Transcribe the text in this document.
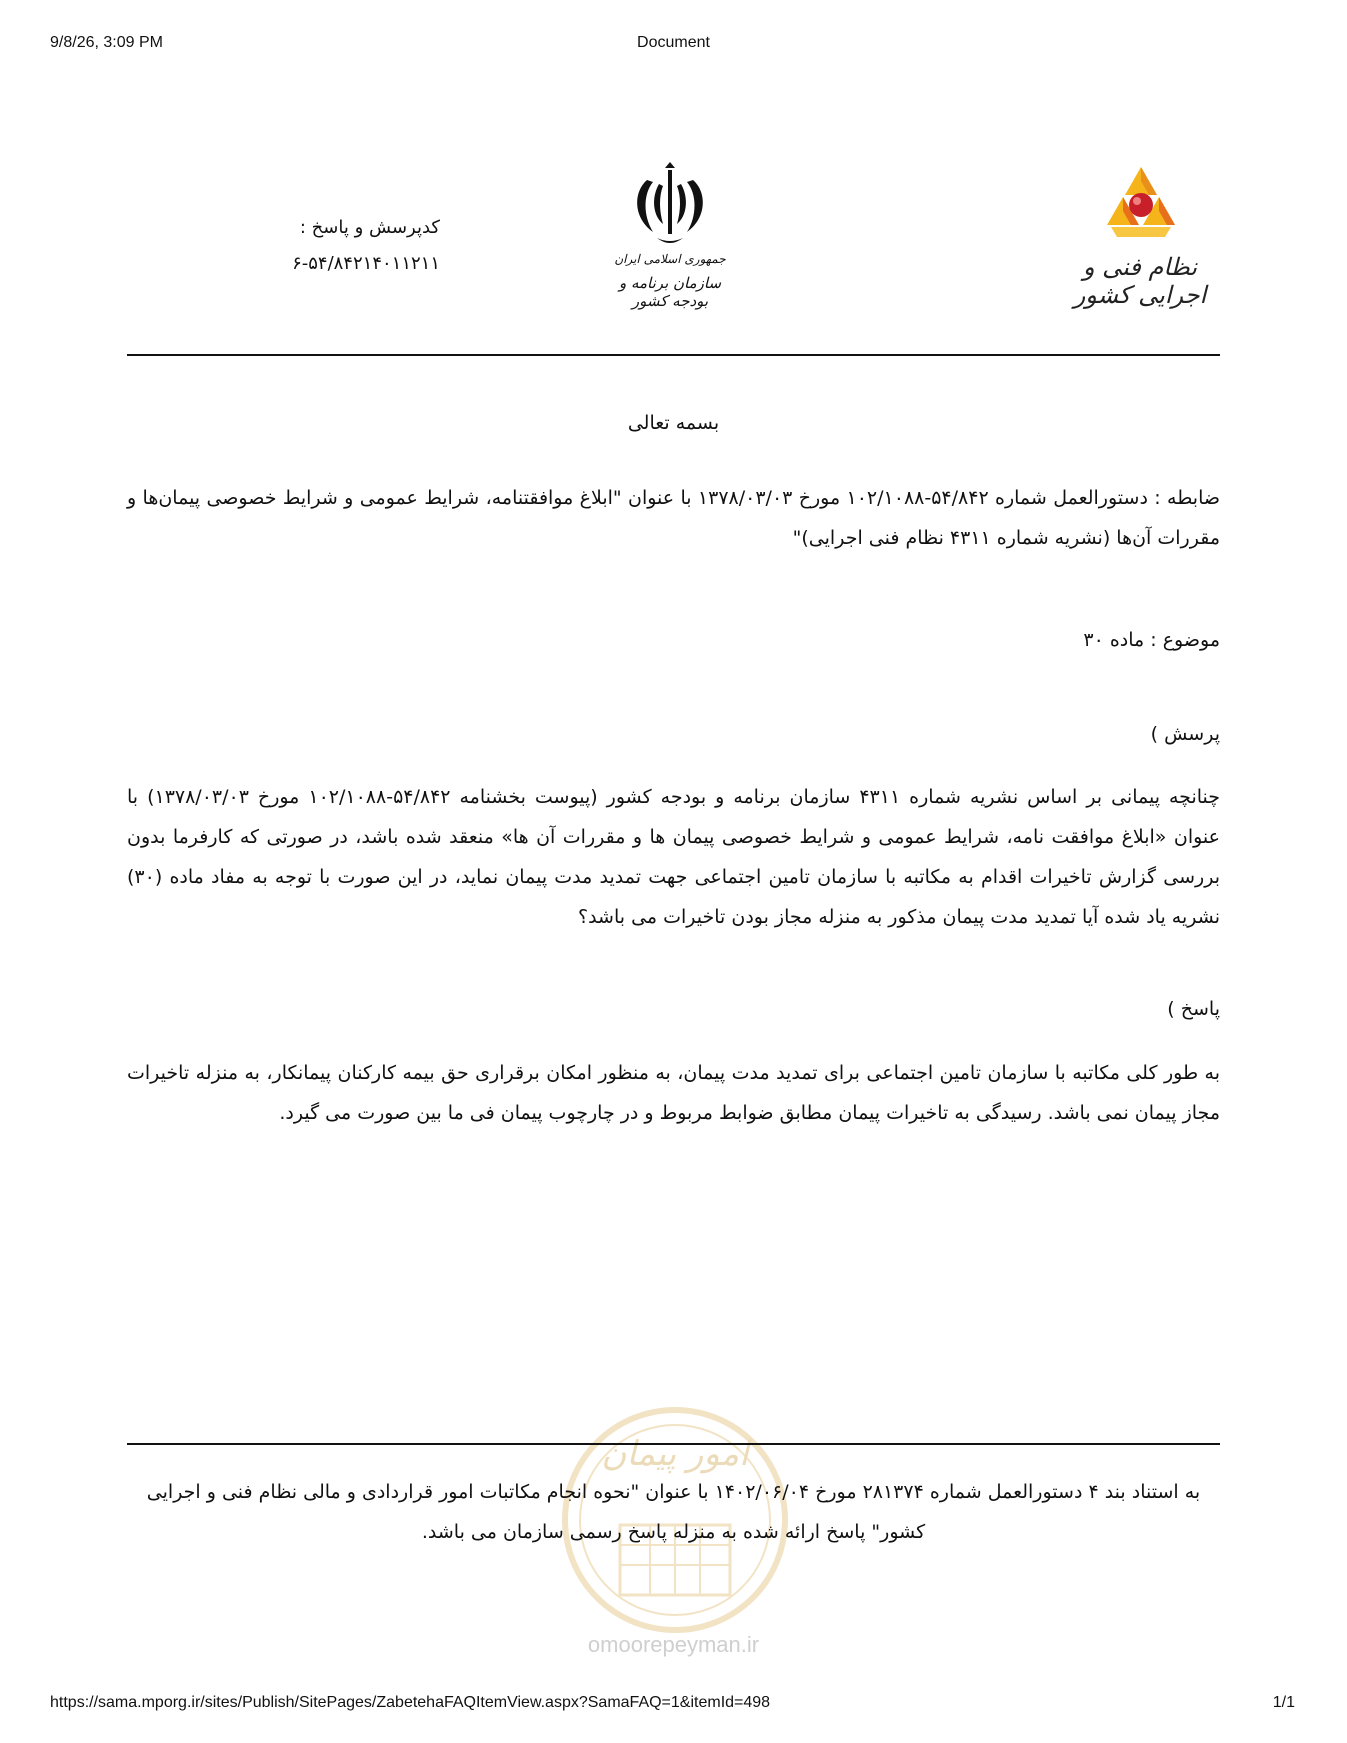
9/8/26, 3:09 PM	Document
نظام فنی و اجرایی کشور
جمهوری اسلامی ایران
سازمان برنامه و بودجه کشور
کدپرسش و پاسخ :
۶-۵۴/۸۴۲۱۴۰۱۱۲۱۱
بسمه تعالی
ضابطه : دستورالعمل شماره ۵۴/۸۴۲-۱۰۲/۱۰۸۸ مورخ ۱۳۷۸/۰۳/۰۳ با عنوان "ابلاغ موافقتنامه، شرایط عمومی و شرایط خصوصی پیمان‌ها و مقررات آن‌ها (نشریه شماره ۴۳۱۱ نظام فنی اجرایی)"
موضوع : ماده ۳۰
پرسش )
چنانچه پیمانی بر اساس نشریه شماره ۴۳۱۱ سازمان برنامه و بودجه کشور (پیوست بخشنامه ۵۴/۸۴۲-۱۰۲/۱۰۸۸ مورخ ۱۳۷۸/۰۳/۰۳) با عنوان «ابلاغ موافقت نامه، شرایط عمومی و شرایط خصوصی پیمان ها و مقررات آن ها» منعقد شده باشد، در صورتی که کارفرما بدون بررسی گزارش تاخیرات اقدام به مکاتبه با سازمان تامین اجتماعی جهت تمدید مدت پیمان نماید، در این صورت با توجه به مفاد ماده (۳۰) نشریه یاد شده آیا تمدید مدت پیمان مذکور به منزله مجاز بودن تاخیرات می باشد؟
پاسخ )
به طور کلی مکاتبه با سازمان تامین اجتماعی برای تمدید مدت پیمان، به منظور امکان برقراری حق بیمه کارکنان پیمانکار، به منزله تاخیرات مجاز پیمان نمی باشد. رسیدگی به تاخیرات پیمان مطابق ضوابط مربوط و در چارچوب پیمان فی ما بین صورت می گیرد.
امور پیمان
به استناد بند ۴ دستورالعمل شماره ۲۸۱۳۷۴ مورخ ۱۴۰۲/۰۶/۰۴ با عنوان "نحوه انجام مکاتبات امور قراردادی و مالی نظام فنی و اجرایی کشور" پاسخ ارائه شده به منزله پاسخ رسمی سازمان می باشد.
omoorepeyman.ir
https://sama.mporg.ir/sites/Publish/SitePages/ZabetehaFAQItemView.aspx?SamaFAQ=1&itemId=498	1/1
